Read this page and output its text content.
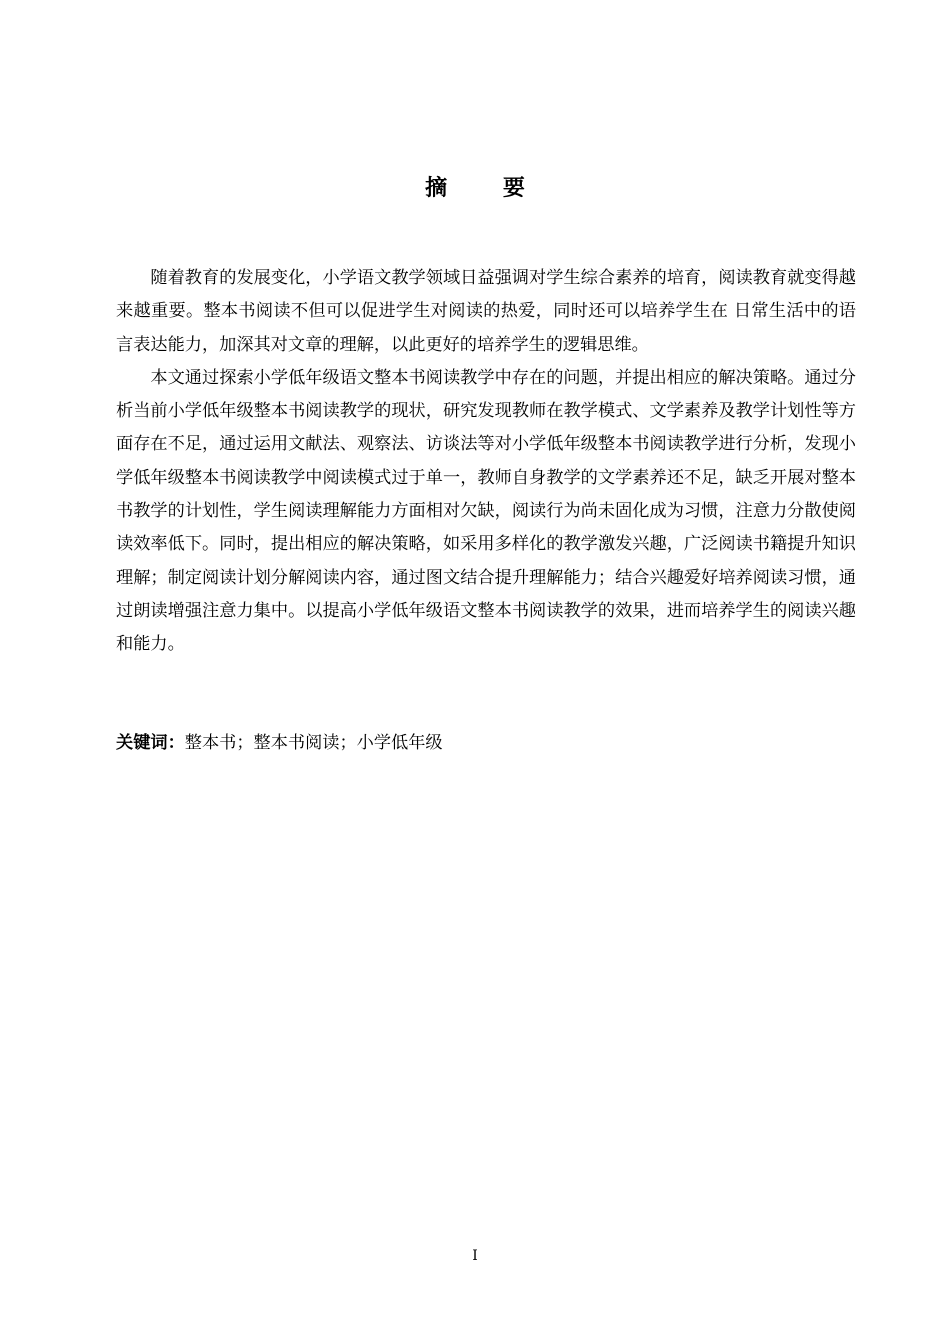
摘 要

随着教育的发展变化，小学语文教学领域日益强调对学生综合素养的培育，阅读教育就变得越来越重要。整本书阅读不但可以促进学生对阅读的热爱，同时还可以培养学生在 日常生活中的语言表达能力，加深其对文章的理解，以此更好的培养学生的逻辑思维。

本文通过探索小学低年级语文整本书阅读教学中存在的问题，并提出相应的解决策略。通过分析当前小学低年级整本书阅读教学的现状，研究发现教师在教学模式、文学素养及教学计划性等方面存在不足，通过运用文献法、观察法、访谈法等对小学低年级整本书阅读教学进行分析，发现小学低年级整本书阅读教学中阅读模式过于单一，教师自身教学的文学素养还不足，缺乏开展对整本书教学的计划性，学生阅读理解能力方面相对欠缺，阅读行为尚未固化成为习惯，注意力分散使阅读效率低下。同时，提出相应的解决策略，如采用多样化的教学激发兴趣，广泛阅读书籍提升知识理解；制定阅读计划分解阅读内容，通过图文结合提升理解能力；结合兴趣爱好培养阅读习惯，通过朗读增强注意力集中。以提高小学低年级语文整本书阅读教学的效果，进而培养学生的阅读兴趣和能力。

关键词：整本书；整本书阅读；小学低年级
I
